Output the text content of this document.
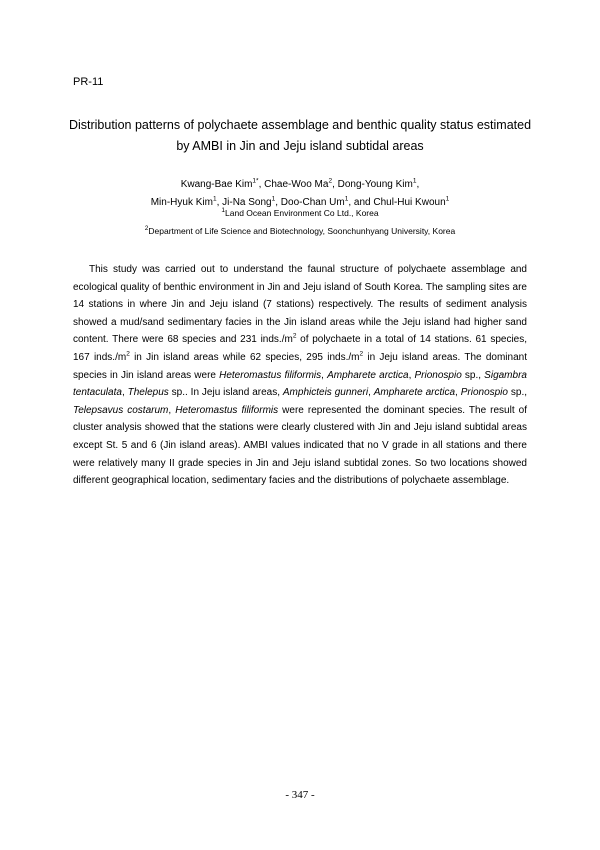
PR-11
Distribution patterns of polychaete assemblage and benthic quality status estimated
by AMBI in Jin and Jeju island subtidal areas
Kwang-Bae Kim$^{1*}$, Chae-Woo Ma$^2$, Dong-Young Kim$^1$,
Min-Hyuk Kim$^1$, Ji-Na Song$^1$, Doo-Chan Um$^1$, and Chul-Hui Kwoun$^1$
$^1$Land Ocean Environment Co Ltd., Korea
$^2$Department of Life Science and Biotechnology, Soonchunhyang University, Korea

This study was carried out to understand the faunal structure of polychaete assemblage and ecological quality of benthic environment in Jin and Jeju island of South Korea. The sampling sites are 14 stations in where Jin and Jeju island (7 stations) respectively. The results of sediment analysis showed a mud/sand sedimentary facies in the Jin island areas while the Jeju island had higher sand content. There were 68 species and 231 $inds./m^2$ of polychaete in a total of 14 stations. 61 species, 167 $inds./m^2$ in Jin island areas while 62 species, 295 $inds./m^2$ in Jeju island areas. The dominant species in Jin island areas were Heteromastus filiformis, Ampharete arctica, Prionospio sp., Sigambra tentaculata, Thelepus sp.. In Jeju island areas, Amphicteis gunneri, Ampharete arctica, Prionospio sp., Telepsavus costarum, Heteromastus filiformis were represented the dominant species. The result of cluster analysis showed that the stations were clearly clustered with Jin and Jeju island subtidal areas except St. 5 and 6 (Jin island areas). AMBI values indicated that no V grade in all stations and there were relatively many II grade species in Jin and Jeju island subtidal zones. So two locations showed different geographical location, sedimentary facies and the distributions of polychaete assemblage.

- 347 -
